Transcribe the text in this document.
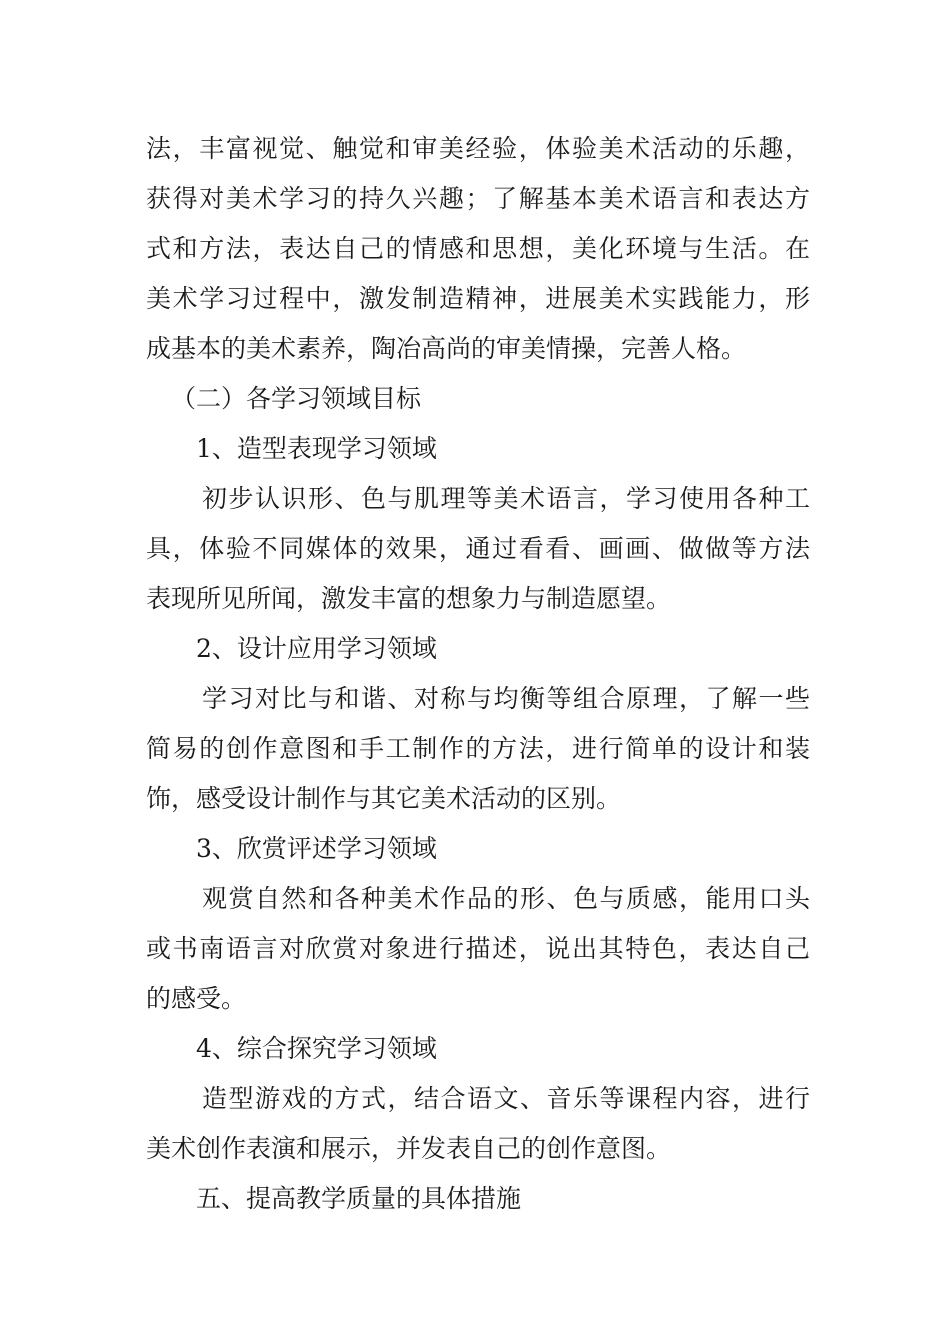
法，丰富视觉、触觉和审美经验，体验美术活动的乐趣，
获得对美术学习的持久兴趣；了解基本美术语言和表达方
式和方法，表达自己的情感和思想，美化环境与生活。在
美术学习过程中，激发制造精神，进展美术实践能力，形
成基本的美术素养，陶冶高尚的审美情操，完善人格。
（二）各学习领域目标
1、造型表现学习领域
初步认识形、色与肌理等美术语言，学习使用各种工
具，体验不同媒体的效果，通过看看、画画、做做等方法
表现所见所闻，激发丰富的想象力与制造愿望。
2、设计应用学习领域
学习对比与和谐、对称与均衡等组合原理，了解一些
简易的创作意图和手工制作的方法，进行简单的设计和装
饰，感受设计制作与其它美术活动的区别。
3、欣赏评述学习领域
观赏自然和各种美术作品的形、色与质感，能用口头
或书南语言对欣赏对象进行描述，说出其特色，表达自己
的感受。
4、综合探究学习领域
造型游戏的方式，结合语文、音乐等课程内容，进行
美术创作表演和展示，并发表自己的创作意图。
五、提高教学质量的具体措施
